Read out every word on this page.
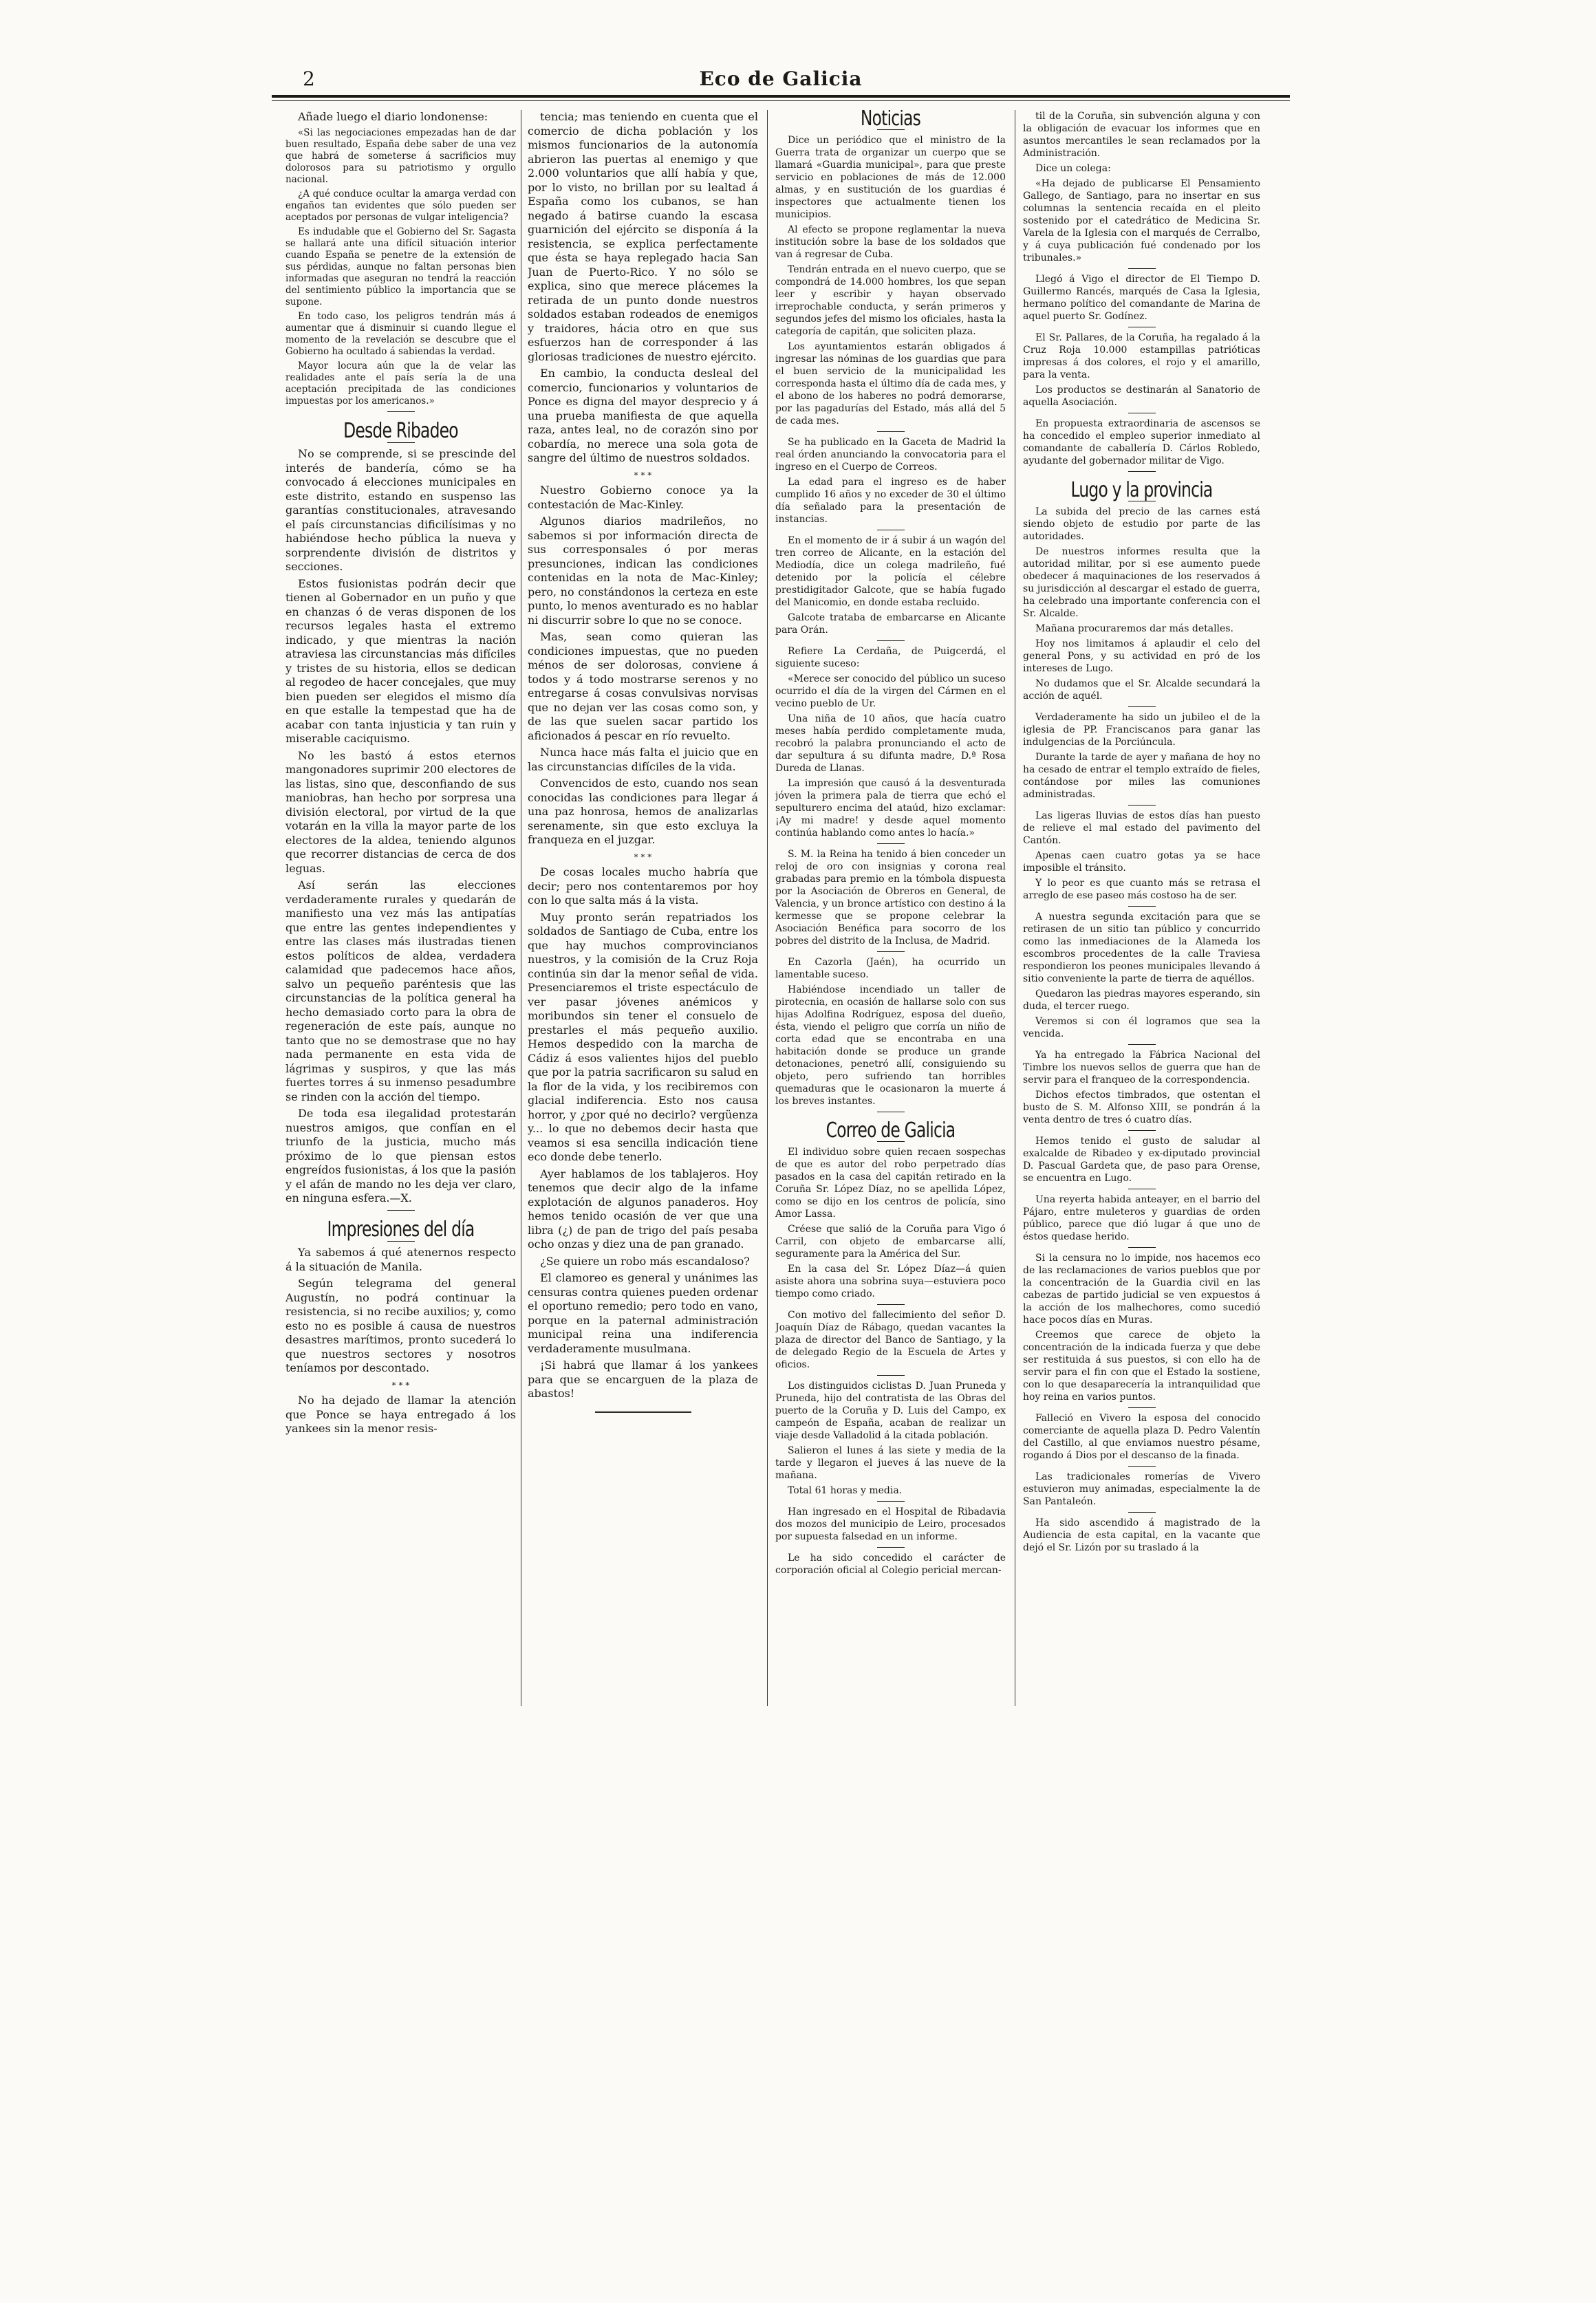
2	Eco de Galicia

Añade luego el diario londonense:

«Si las negociaciones empezadas han de dar buen resultado, España debe saber de una vez que habrá de someterse á sacrificios muy dolorosos para su patriotismo y orgullo nacional.

¿A qué conduce ocultar la amarga verdad con engaños tan evidentes que sólo pueden ser aceptados por personas de vulgar inteligencia?

Es indudable que el Gobierno del Sr. Sagasta se hallará ante una difícil situación interior cuando España se penetre de la extensión de sus pérdidas, aunque no faltan personas bien informadas que aseguran no tendrá la reacción del sentimiento público la importancia que se supone.

En todo caso, los peligros tendrán más á aumentar que á disminuir si cuando llegue el momento de la revelación se descubre que el Gobierno ha ocultado á sabiendas la verdad.

Mayor locura aún que la de velar las realidades ante el país sería la de una aceptación precipitada de las condiciones impuestas por los americanos.»

Desde Ribadeo

No se comprende, si se prescinde del interés de bandería, cómo se ha convocado á elecciones municipales en este distrito, estando en suspenso las garantías constitucionales, atravesando el país circunstancias dificilísimas y no habiéndose hecho pública la nueva y sorprendente división de distritos y secciones.

Estos fusionistas podrán decir que tienen al Gobernador en un puño y que en chanzas ó de veras disponen de los recursos legales hasta el extremo indicado, y que mientras la nación atraviesa las circunstancias más difíciles y tristes de su historia, ellos se dedican al regodeo de hacer concejales, que muy bien pueden ser elegidos el mismo día en que estalle la tempestad que ha de acabar con tanta injusticia y tan ruin y miserable caciquismo.

No les bastó á estos eternos mangonadores suprimir 200 electores de las listas, sino que, desconfiando de sus maniobras, han hecho por sorpresa una división electoral, por virtud de la que votarán en la villa la mayor parte de los electores de la aldea, teniendo algunos que recorrer distancias de cerca de dos leguas.

Así serán las elecciones verdaderamente rurales y quedarán de manifiesto una vez más las antipatías que entre las gentes independientes y entre las clases más ilustradas tienen estos políticos de aldea, verdadera calamidad que padecemos hace años, salvo un pequeño paréntesis que las circunstancias de la política general ha hecho demasiado corto para la obra de regeneración de este país, aunque no tanto que no se demostrase que no hay nada permanente en esta vida de lágrimas y suspiros, y que las más fuertes torres á su inmenso pesadumbre se rinden con la acción del tiempo.

De toda esa ilegalidad protestarán nuestros amigos, que confían en el triunfo de la justicia, mucho más próximo de lo que piensan estos engreídos fusionistas, á los que la pasión y el afán de mando no les deja ver claro, en ninguna esfera.—X.

Impresiones del día

Ya sabemos á qué atenernos respecto á la situación de Manila.

Según telegrama del general Augustín, no podrá continuar la resistencia, si no recibe auxilios; y, como esto no es posible á causa de nuestros desastres marítimos, pronto sucederá lo que nuestros sectores y nosotros teníamos por descontado.

* * *

No ha dejado de llamar la atención que Ponce se haya entregado á los yankees sin la menor resis-

tencia; mas teniendo en cuenta que el comercio de dicha población y los mismos funcionarios de la autonomía abrieron las puertas al enemigo y que 2.000 voluntarios que allí había y que, por lo visto, no brillan por su lealtad á España como los cubanos, se han negado á batirse cuando la escasa guarnición del ejército se disponía á la resistencia, se explica perfectamente que ésta se haya replegado hacia San Juan de Puerto-Rico. Y no sólo se explica, sino que merece plácemes la retirada de un punto donde nuestros soldados estaban rodeados de enemigos y traidores, hácia otro en que sus esfuerzos han de corresponder á las gloriosas tradiciones de nuestro ejército.

En cambio, la conducta desleal del comercio, funcionarios y voluntarios de Ponce es digna del mayor desprecio y á una prueba manifiesta de que aquella raza, antes leal, no de corazón sino por cobardía, no merece una sola gota de sangre del último de nuestros soldados.

* * *

Nuestro Gobierno conoce ya la contestación de Mac-Kinley.

Algunos diarios madrileños, no sabemos si por información directa de sus corresponsales ó por meras presunciones, indican las condiciones contenidas en la nota de Mac-Kinley; pero, no constándonos la certeza en este punto, lo menos aventurado es no hablar ni discurrir sobre lo que no se conoce.

Mas, sean como quieran las condiciones impuestas, que no pueden ménos de ser dolorosas, conviene á todos y á todo mostrarse serenos y no entregarse á cosas convulsivas norvisas que no dejan ver las cosas como son, y de las que suelen sacar partido los aficionados á pescar en río revuelto.

Nunca hace más falta el juicio que en las circunstancias difíciles de la vida.

Convencidos de esto, cuando nos sean conocidas las condiciones para llegar á una paz honrosa, hemos de analizarlas serenamente, sin que esto excluya la franqueza en el juzgar.

* * *

De cosas locales mucho habría que decir; pero nos contentaremos por hoy con lo que salta más á la vista.

Muy pronto serán repatriados los soldados de Santiago de Cuba, entre los que hay muchos comprovincianos nuestros, y la comisión de la Cruz Roja continúa sin dar la menor señal de vida. Presenciaremos el triste espectáculo de ver pasar jóvenes anémicos y moribundos sin tener el consuelo de prestarles el más pequeño auxilio. Hemos despedido con la marcha de Cádiz á esos valientes hijos del pueblo que por la patria sacrificaron su salud en la flor de la vida, y los recibiremos con glacial indiferencia. Esto nos causa horror, y ¿por qué no decirlo? vergüenza y... lo que no debemos decir hasta que veamos si esa sencilla indicación tiene eco donde debe tenerlo.

Ayer hablamos de los tablajeros. Hoy tenemos que decir algo de la infame explotación de algunos panaderos. Hoy hemos tenido ocasión de ver que una libra (¿) de pan de trigo del país pesaba ocho onzas y diez una de pan granado.

¿Se quiere un robo más escandaloso?

El clamoreo es general y unánimes las censuras contra quienes pueden ordenar el oportuno remedio; pero todo en vano, porque en la paternal administración municipal reina una indiferencia verdaderamente musulmana.

¡Si habrá que llamar á los yankees para que se encarguen de la plaza de abastos!

Noticias

Dice un periódico que el ministro de la Guerra trata de organizar un cuerpo que se llamará «Guardia municipal», para que preste servicio en poblaciones de más de 12.000 almas, y en sustitución de los guardias é inspectores que actualmente tienen los municipios.

Al efecto se propone reglamentar la nueva institución sobre la base de los soldados que van á regresar de Cuba.

Tendrán entrada en el nuevo cuerpo, que se compondrá de 14.000 hombres, los que sepan leer y escribir y hayan observado irreprochable conducta, y serán primeros y segundos jefes del mismo los oficiales, hasta la categoría de capitán, que soliciten plaza.

Los ayuntamientos estarán obligados á ingresar las nóminas de los guardias que para el buen servicio de la municipalidad les corresponda hasta el último día de cada mes, y el abono de los haberes no podrá demorarse, por las pagadurías del Estado, más allá del 5 de cada mes.

Se ha publicado en la Gaceta de Madrid la real órden anunciando la convocatoria para el ingreso en el Cuerpo de Correos.

La edad para el ingreso es de haber cumplido 16 años y no exceder de 30 el último día señalado para la presentación de instancias.

En el momento de ir á subir á un wagón del tren correo de Alicante, en la estación del Mediodía, dice un colega madrileño, fué detenido por la policía el célebre prestidigitador Galcote, que se había fugado del Manicomio, en donde estaba recluido.

Galcote trataba de embarcarse en Alicante para Orán.

Refiere La Cerdaña, de Puigcerdá, el siguiente suceso:

«Merece ser conocido del público un suceso ocurrido el día de la virgen del Cármen en el vecino pueblo de Ur.

Una niña de 10 años, que hacía cuatro meses había perdido completamente muda, recobró la palabra pronunciando el acto de dar sepultura á su difunta madre, D.ª Rosa Dureda de Llanas.

La impresión que causó á la desventurada jóven la primera pala de tierra que echó el sepulturero encima del ataúd, hizo exclamar: ¡Ay mi madre! y desde aquel momento continúa hablando como antes lo hacía.»

S. M. la Reina ha tenido á bien conceder un reloj de oro con insignias y corona real grabadas para premio en la tómbola dispuesta por la Asociación de Obreros en General, de Valencia, y un bronce artístico con destino á la kermesse que se propone celebrar la Asociación Benéfica para socorro de los pobres del distrito de la Inclusa, de Madrid.

En Cazorla (Jaén), ha ocurrido un lamentable suceso.

Habiéndose incendiado un taller de pirotecnia, en ocasión de hallarse solo con sus hijas Adolfina Rodríguez, esposa del dueño, ésta, viendo el peligro que corría un niño de corta edad que se encontraba en una habitación donde se produce un grande detonaciones, penetró allí, consiguiendo su objeto, pero sufriendo tan horribles quemaduras que le ocasionaron la muerte á los breves instantes.

Correo de Galicia

El individuo sobre quien recaen sospechas de que es autor del robo perpetrado días pasados en la casa del capitán retirado en la Coruña Sr. López Díaz, no se apellida López, como se dijo en los centros de policía, sino Amor Lassa.

Créese que salió de la Coruña para Vigo ó Carril, con objeto de embarcarse allí, seguramente para la América del Sur.

En la casa del Sr. López Díaz—á quien asiste ahora una sobrina suya—estuviera poco tiempo como criado.

Con motivo del fallecimiento del señor D. Joaquín Díaz de Rábago, quedan vacantes la plaza de director del Banco de Santiago, y la de delegado Regio de la Escuela de Artes y oficios.

Los distinguidos ciclistas D. Juan Pruneda y Pruneda, hijo del contratista de las Obras del puerto de la Coruña y D. Luis del Campo, ex campeón de España, acaban de realizar un viaje desde Valladolid á la citada población.

Salieron el lunes á las siete y media de la tarde y llegaron el jueves á las nueve de la mañana.

Total 61 horas y media.

Han ingresado en el Hospital de Ribadavia dos mozos del municipio de Leiro, procesados por supuesta falsedad en un informe.

Le ha sido concedido el carácter de corporación oficial al Colegio pericial mercan-

til de la Coruña, sin subvención alguna y con la obligación de evacuar los informes que en asuntos mercantiles le sean reclamados por la Administración.

Dice un colega:

«Ha dejado de publicarse El Pensamiento Gallego, de Santiago, para no insertar en sus columnas la sentencia recaída en el pleito sostenido por el catedrático de Medicina Sr. Varela de la Iglesia con el marqués de Cerralbo, y á cuya publicación fué condenado por los tribunales.»

Llegó á Vigo el director de El Tiempo D. Guillermo Rancés, marqués de Casa la Iglesia, hermano político del comandante de Marina de aquel puerto Sr. Godínez.

El Sr. Pallares, de la Coruña, ha regalado á la Cruz Roja 10.000 estampillas patrióticas impresas á dos colores, el rojo y el amarillo, para la venta.

Los productos se destinarán al Sanatorio de aquella Asociación.

En propuesta extraordinaria de ascensos se ha concedido el empleo superior inmediato al comandante de caballería D. Cárlos Robledo, ayudante del gobernador militar de Vigo.

Lugo y la provincia

La subida del precio de las carnes está siendo objeto de estudio por parte de las autoridades.

De nuestros informes resulta que la autoridad militar, por si ese aumento puede obedecer á maquinaciones de los reservados á su jurisdicción al descargar el estado de guerra, ha celebrado una importante conferencia con el Sr. Alcalde.

Mañana procuraremos dar más detalles.

Hoy nos limitamos á aplaudir el celo del general Pons, y su actividad en pró de los intereses de Lugo.

No dudamos que el Sr. Alcalde secundará la acción de aquél.

Verdaderamente ha sido un jubileo el de la iglesia de PP. Franciscanos para ganar las indulgencias de la Porciúncula.

Durante la tarde de ayer y mañana de hoy no ha cesado de entrar el templo extraído de fieles, contándose por miles las comuniones administradas.

Las ligeras lluvias de estos días han puesto de relieve el mal estado del pavimento del Cantón.

Apenas caen cuatro gotas ya se hace imposible el tránsito.

Y lo peor es que cuanto más se retrasa el arreglo de ese paseo más costoso ha de ser.

A nuestra segunda excitación para que se retirasen de un sitio tan público y concurrido como las inmediaciones de la Alameda los escombros procedentes de la calle Traviesa respondieron los peones municipales llevando á sitio conveniente la parte de tierra de aquéllos.

Quedaron las piedras mayores esperando, sin duda, el tercer ruego.

Veremos si con él logramos que sea la vencida.

Ya ha entregado la Fábrica Nacional del Timbre los nuevos sellos de guerra que han de servir para el franqueo de la correspondencia.

Dichos efectos timbrados, que ostentan el busto de S. M. Alfonso XIII, se pondrán á la venta dentro de tres ó cuatro días.

Hemos tenido el gusto de saludar al exalcalde de Ribadeo y ex-diputado provincial D. Pascual Gardeta que, de paso para Orense, se encuentra en Lugo.

Una reyerta habida anteayer, en el barrio del Pájaro, entre muleteros y guardias de orden público, parece que dió lugar á que uno de éstos quedase herido.

Si la censura no lo impide, nos hacemos eco de las reclamaciones de varios pueblos que por la concentración de la Guardia civil en las cabezas de partido judicial se ven expuestos á la acción de los malhechores, como sucedió hace pocos días en Muras.

Creemos que carece de objeto la concentración de la indicada fuerza y que debe ser restituida á sus puestos, si con ello ha de servir para el fin con que el Estado la sostiene, con lo que desaparecería la intranquilidad que hoy reina en varios puntos.

Falleció en Vivero la esposa del conocido comerciante de aquella plaza D. Pedro Valentín del Castillo, al que enviamos nuestro pésame, rogando á Dios por el descanso de la finada.

Las tradicionales romerías de Vivero estuvieron muy animadas, especialmente la de San Pantaleón.

Ha sido ascendido á magistrado de la Audiencia de esta capital, en la vacante que dejó el Sr. Lizón por su traslado á la
